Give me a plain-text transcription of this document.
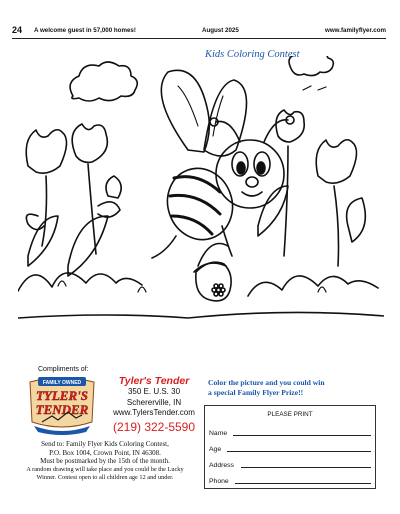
24 A welcome guest in 57,000 homes!	August 2025	www.familyflyer.com
Kids Coloring Contest
Compliments of:
FAMILY OWNED
TYLER'S
TENDER
Tyler's Tender
350 E. U.S. 30
Schererville, IN
www.TylersTender.com
(219) 322-5590
Color the picture and you could win
a special Family Flyer Prize!!
Send to: Family Flyer Kids Coloring Contest,
P.O. Box 1004, Crown Point, IN 46308.
Must be postmarked by the 15th of the month.
A random drawing will take place and you could be the Lucky
Winner. Contest open to all children age 12 and under.
PLEASE PRINT
Name
Age
Address
Phone
